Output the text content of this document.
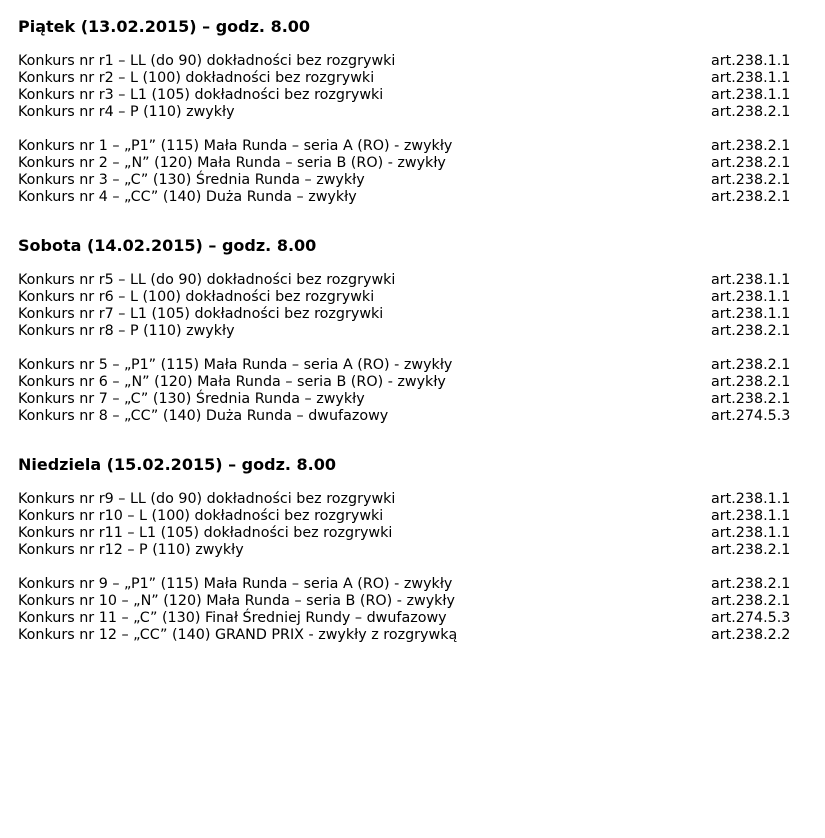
Piątek (13.02.2015) – godz. 8.00
Konkurs nr r1 – LL (do 90) dokładności bez rozgrywki	art.238.1.1
Konkurs nr r2 – L (100) dokładności bez rozgrywki	art.238.1.1
Konkurs nr r3 – L1 (105) dokładności bez rozgrywki	art.238.1.1
Konkurs nr r4 – P (110) zwykły	art.238.2.1
Konkurs nr 1 – „P1” (115) Mała Runda – seria A (RO) - zwykły	art.238.2.1
Konkurs nr 2 – „N” (120) Mała Runda – seria B (RO) - zwykły	art.238.2.1
Konkurs nr 3 – „C” (130) Średnia Runda – zwykły	art.238.2.1
Konkurs nr 4 – „CC” (140) Duża Runda – zwykły	art.238.2.1
Sobota (14.02.2015) – godz. 8.00
Konkurs nr r5 – LL (do 90) dokładności bez rozgrywki	art.238.1.1
Konkurs nr r6 – L (100) dokładności bez rozgrywki	art.238.1.1
Konkurs nr r7 – L1 (105) dokładności bez rozgrywki	art.238.1.1
Konkurs nr r8 – P (110) zwykły	art.238.2.1
Konkurs nr 5 – „P1” (115) Mała Runda – seria A (RO) - zwykły	art.238.2.1
Konkurs nr 6 – „N” (120) Mała Runda – seria B (RO) - zwykły	art.238.2.1
Konkurs nr 7 – „C” (130) Średnia Runda – zwykły	art.238.2.1
Konkurs nr 8 – „CC” (140) Duża Runda – dwufazowy	art.274.5.3
Niedziela (15.02.2015) – godz. 8.00
Konkurs nr r9 – LL (do 90) dokładności bez rozgrywki	art.238.1.1
Konkurs nr r10 – L (100) dokładności bez rozgrywki	art.238.1.1
Konkurs nr r11 – L1 (105) dokładności bez rozgrywki	art.238.1.1
Konkurs nr r12 – P (110) zwykły	art.238.2.1
Konkurs nr 9 – „P1” (115) Mała Runda – seria A (RO) - zwykły	art.238.2.1
Konkurs nr 10 – „N” (120) Mała Runda – seria B (RO) - zwykły	art.238.2.1
Konkurs nr 11 – „C” (130) Finał Średniej Rundy – dwufazowy	art.274.5.3
Konkurs nr 12 – „CC” (140) GRAND PRIX - zwykły z rozgrywką	art.238.2.2
